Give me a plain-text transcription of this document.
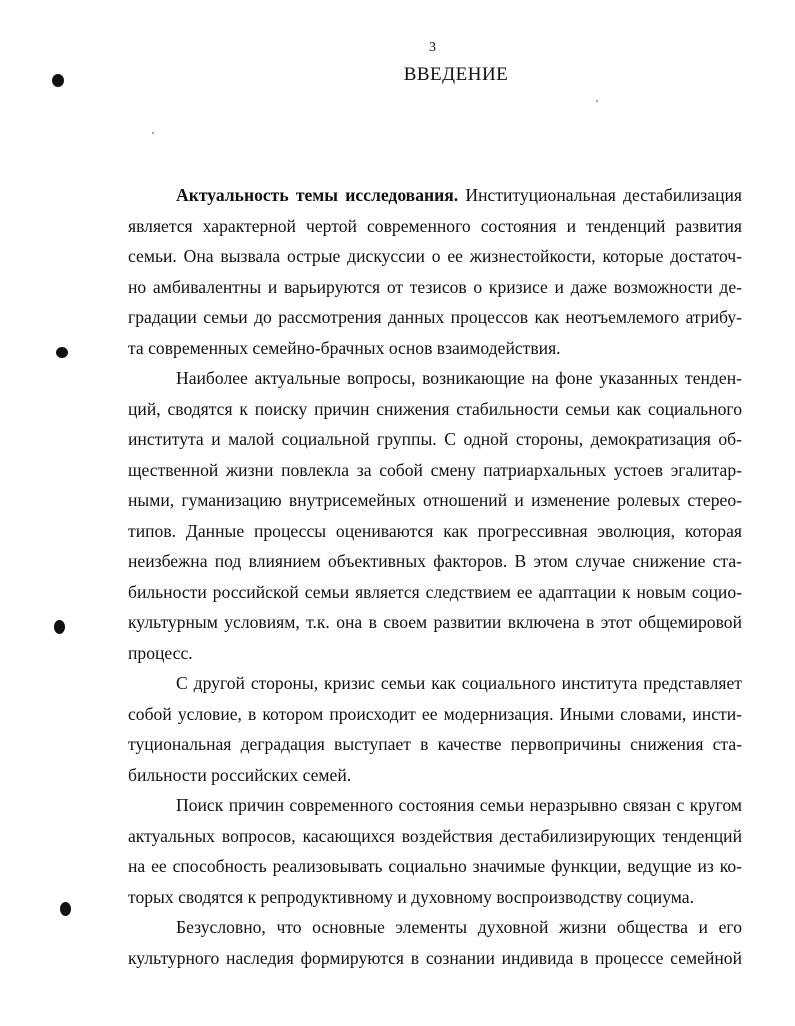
3
ВВЕДЕНИЕ
Актуальность темы исследования. Институциональная дестабилизация
является характерной чертой современного состояния и тенденций развития
семьи. Она вызвала острые дискуссии о ее жизнестойкости, которые достаточ-
но амбивалентны и варьируются от тезисов о кризисе и даже возможности де-
градации семьи до рассмотрения данных процессов как неотъемлемого атрибу-
та современных семейно-брачных основ взаимодействия.
Наиболее актуальные вопросы, возникающие на фоне указанных тенден-
ций, сводятся к поиску причин снижения стабильности семьи как социального
института и малой социальной группы. С одной стороны, демократизация об-
щественной жизни повлекла за собой смену патриархальных устоев эгалитар-
ными, гуманизацию внутрисемейных отношений и изменение ролевых стерео-
типов. Данные процессы оцениваются как прогрессивная эволюция, которая
неизбежна под влиянием объективных факторов. В этом случае снижение ста-
бильности российской семьи является следствием ее адаптации к новым социо-
культурным условиям, т.к. она в своем развитии включена в этот общемировой
процесс.
С другой стороны, кризис семьи как социального института представляет
собой условие, в котором происходит ее модернизация. Иными словами, инсти-
туциональная деградация выступает в качестве первопричины снижения ста-
бильности российских семей.
Поиск причин современного состояния семьи неразрывно связан с кругом
актуальных вопросов, касающихся воздействия дестабилизирующих тенденций
на ее способность реализовывать социально значимые функции, ведущие из ко-
торых сводятся к репродуктивному и духовному воспроизводству социума.
Безусловно, что основные элементы духовной жизни общества и его
культурного наследия формируются в сознании индивида в процессе семейной
